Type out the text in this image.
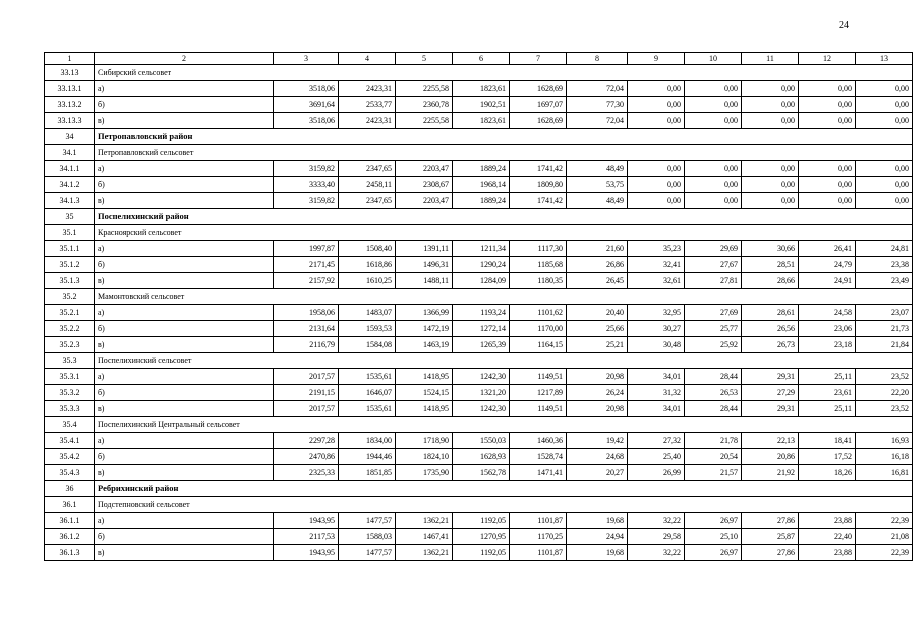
24
1	2	3	4	5	6	7	8	9	10	11	12	13
33.13	Сибирский сельсовет											
33.13.1	а)	3518,06	2423,31	2255,58	1823,61	1628,69	72,04	0,00	0,00	0,00	0,00	0,00
33.13.2	б)	3691,64	2533,77	2360,78	1902,51	1697,07	77,30	0,00	0,00	0,00	0,00	0,00
33.13.3	в)	3518,06	2423,31	2255,58	1823,61	1628,69	72,04	0,00	0,00	0,00	0,00	0,00
34	Петропавловский район											
34.1	Петропавловский сельсовет											
34.1.1	а)	3159,82	2347,65	2203,47	1889,24	1741,42	48,49	0,00	0,00	0,00	0,00	0,00
34.1.2	б)	3333,40	2458,11	2308,67	1968,14	1809,80	53,75	0,00	0,00	0,00	0,00	0,00
34.1.3	в)	3159,82	2347,65	2203,47	1889,24	1741,42	48,49	0,00	0,00	0,00	0,00	0,00
35	Поспелихинский район											
35.1	Красноярский сельсовет											
35.1.1	а)	1997,87	1508,40	1391,11	1211,34	1117,30	21,60	35,23	29,69	30,66	26,41	24,81
35.1.2	б)	2171,45	1618,86	1496,31	1290,24	1185,68	26,86	32,41	27,67	28,51	24,79	23,38
35.1.3	в)	2157,92	1610,25	1488,11	1284,09	1180,35	26,45	32,61	27,81	28,66	24,91	23,49
35.2	Мамонтовский сельсовет											
35.2.1	а)	1958,06	1483,07	1366,99	1193,24	1101,62	20,40	32,95	27,69	28,61	24,58	23,07
35.2.2	б)	2131,64	1593,53	1472,19	1272,14	1170,00	25,66	30,27	25,77	26,56	23,06	21,73
35.2.3	в)	2116,79	1584,08	1463,19	1265,39	1164,15	25,21	30,48	25,92	26,73	23,18	21,84
35.3	Поспелихинский сельсовет											
35.3.1	а)	2017,57	1535,61	1418,95	1242,30	1149,51	20,98	34,01	28,44	29,31	25,11	23,52
35.3.2	б)	2191,15	1646,07	1524,15	1321,20	1217,89	26,24	31,32	26,53	27,29	23,61	22,20
35.3.3	в)	2017,57	1535,61	1418,95	1242,30	1149,51	20,98	34,01	28,44	29,31	25,11	23,52
35.4	Поспелихинский Центральный сельсовет											
35.4.1	а)	2297,28	1834,00	1718,90	1550,03	1460,36	19,42	27,32	21,78	22,13	18,41	16,93
35.4.2	б)	2470,86	1944,46	1824,10	1628,93	1528,74	24,68	25,40	20,54	20,86	17,52	16,18
35.4.3	в)	2325,33	1851,85	1735,90	1562,78	1471,41	20,27	26,99	21,57	21,92	18,26	16,81
36	Ребрихинский район											
36.1	Подстепновский сельсовет											
36.1.1	а)	1943,95	1477,57	1362,21	1192,05	1101,87	19,68	32,22	26,97	27,86	23,88	22,39
36.1.2	б)	2117,53	1588,03	1467,41	1270,95	1170,25	24,94	29,58	25,10	25,87	22,40	21,08
36.1.3	в)	1943,95	1477,57	1362,21	1192,05	1101,87	19,68	32,22	26,97	27,86	23,88	22,39
